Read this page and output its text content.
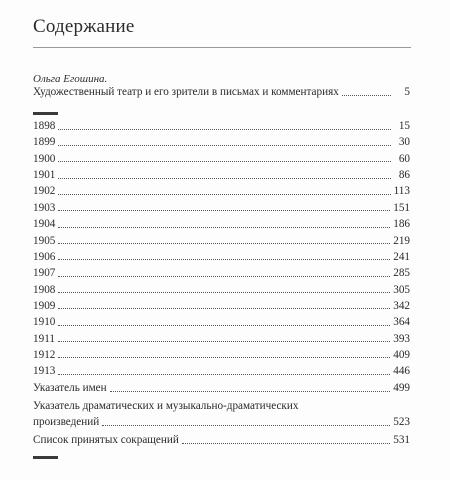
Содержание
Ольга Егошина.
Художественный театр и его зрители в письмах и комментариях	5
1898	15
1899	30
1900	60
1901	86
1902	113
1903	151
1904	186
1905	219
1906	241
1907	285
1908	305
1909	342
1910	364
1911	393
1912	409
1913	446
Указатель имен	499
Указатель драматических и музыкально-драматических
произведений	523
Список принятых сокращений	531
